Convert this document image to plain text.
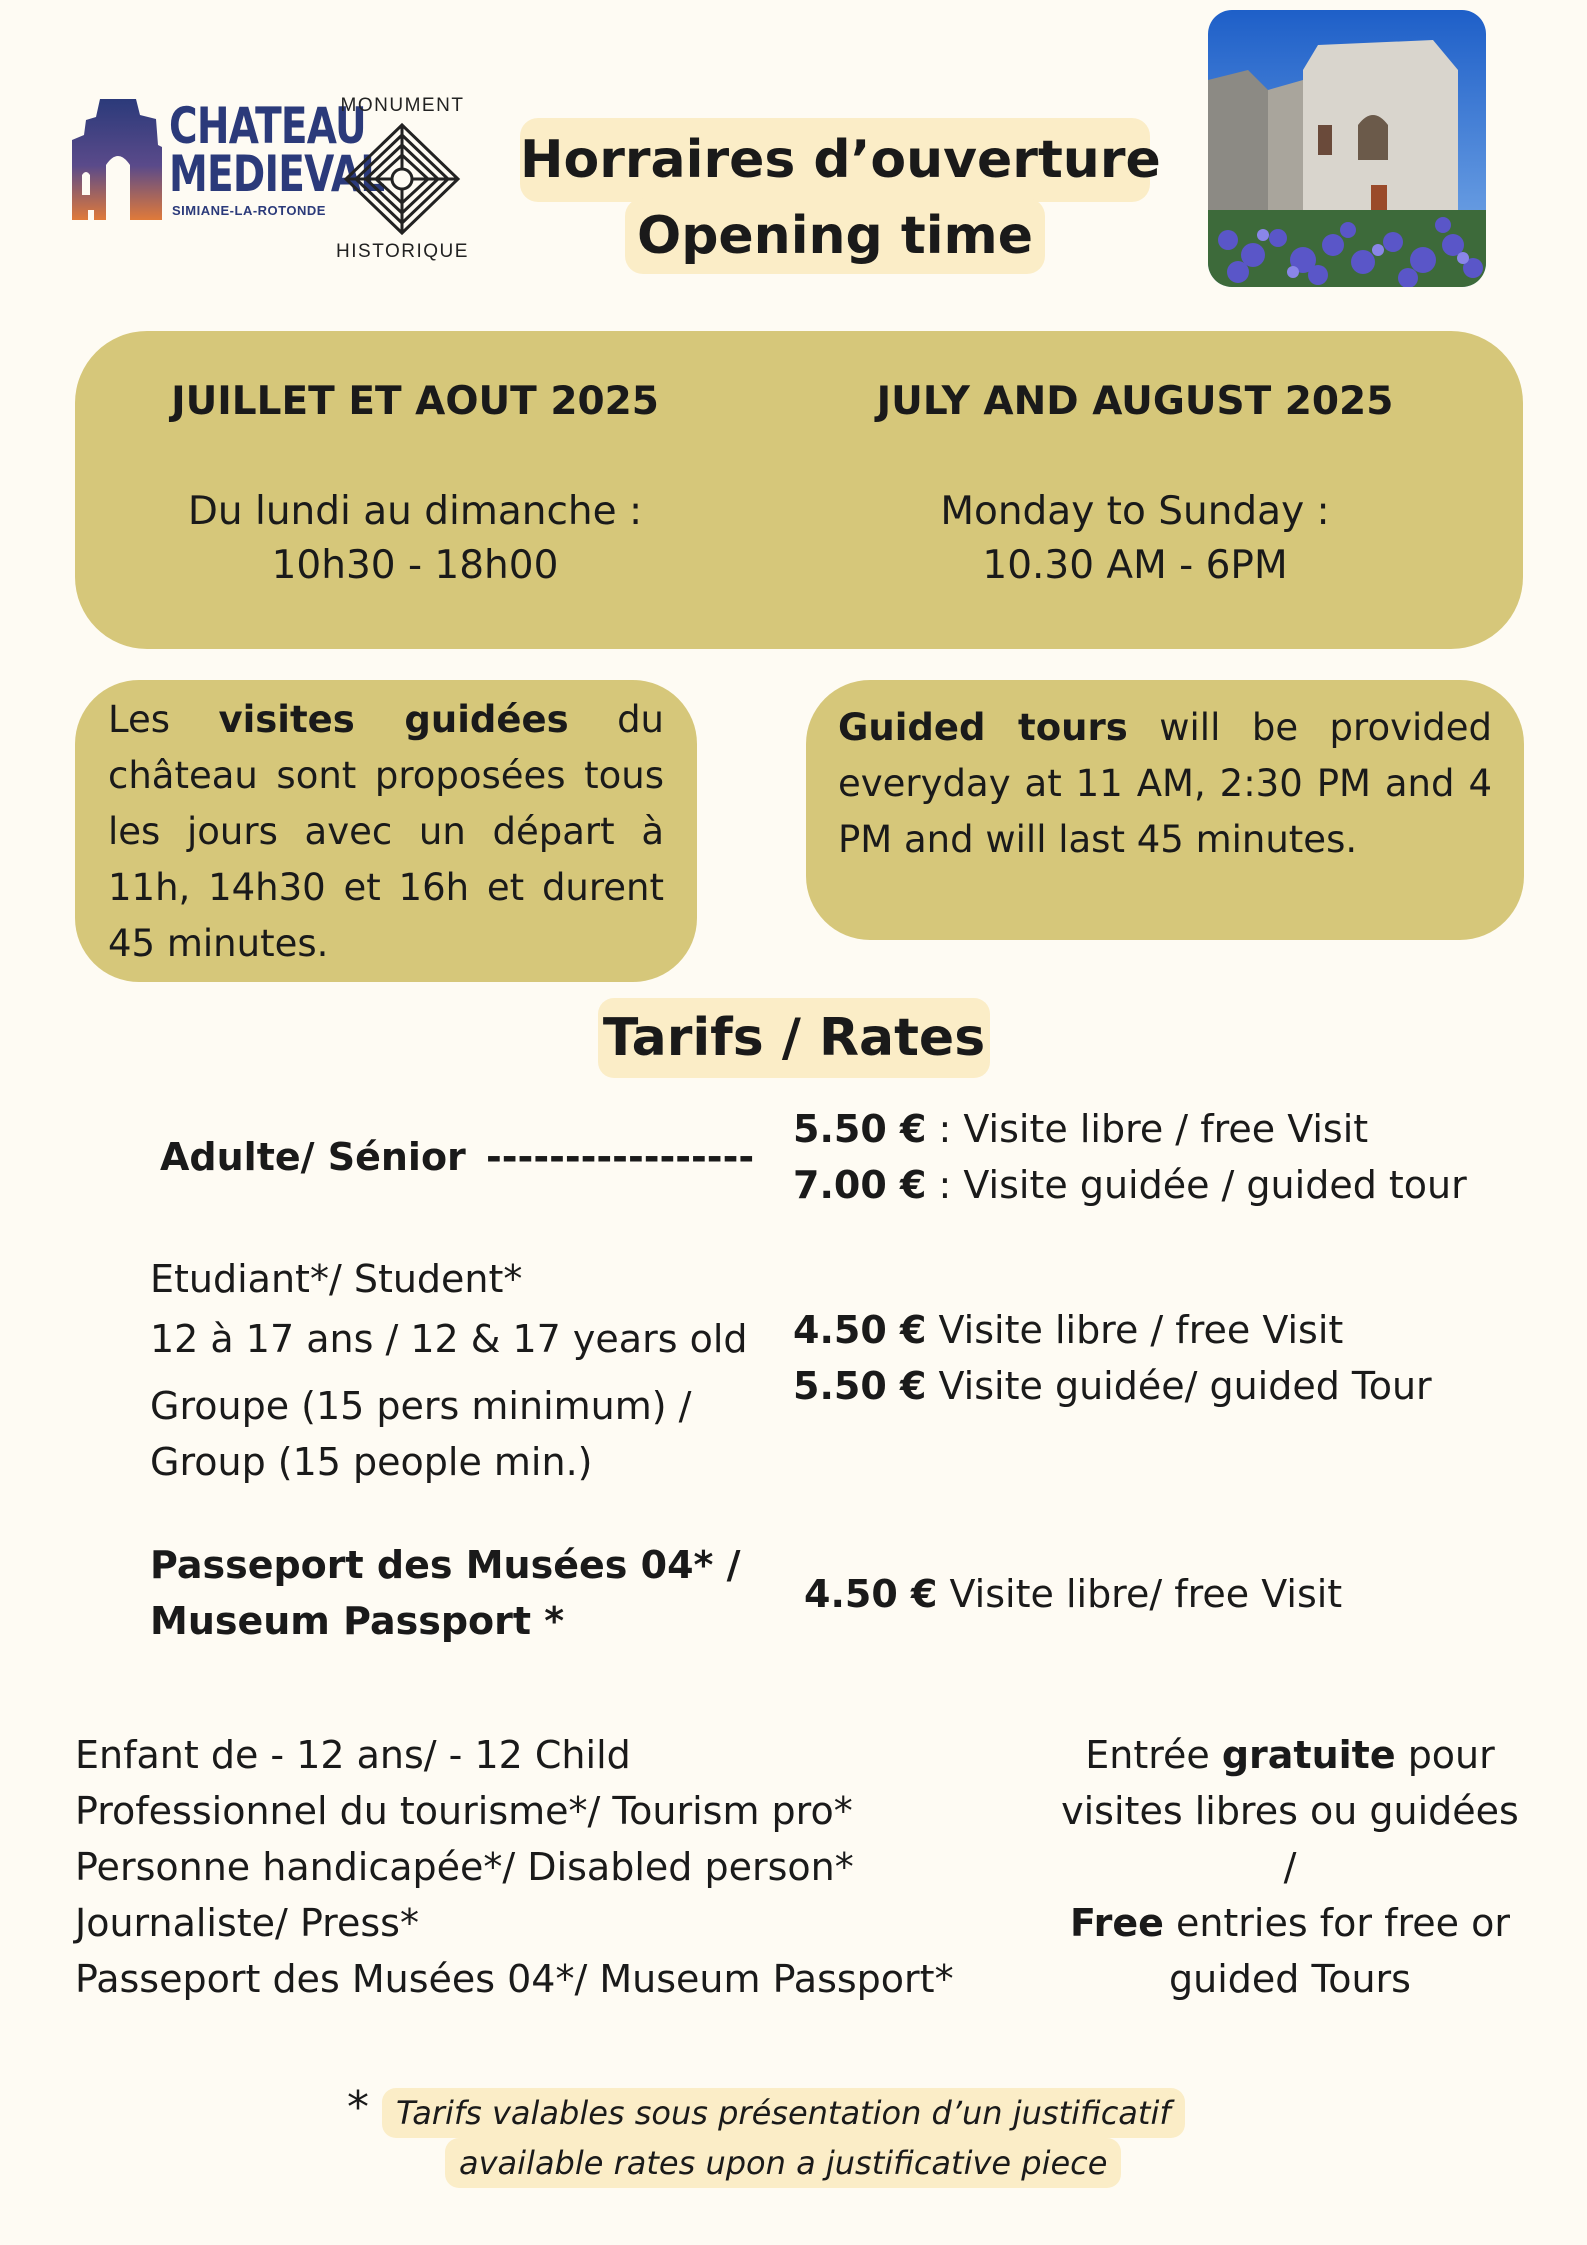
CHATEAU
MEDIEVAL
SIMIANE-LA-ROTONDE
MONUMENT
HISTORIQUE
Horraires d’ouverture
Opening time
JUILLET ET AOUT 2025
Du lundi au dimanche :
10h30 - 18h00
JULY AND AUGUST 2025
Monday to Sunday :
10.30 AM - 6PM
Les visites guidées du château sont proposées tous les jours avec un départ à 11h, 14h30 et 16h et durent 45 minutes.
Guided tours will be provided everyday at 11 AM, 2:30 PM and 4 PM and will last 45 minutes.
Tarifs / Rates
Adulte/ Sénior -----------------
5.50 € : Visite libre / free Visit
7.00 € : Visite guidée / guided tour
Etudiant*/ Student*
12 à 17 ans / 12 & 17 years old
Groupe (15 pers minimum) /
Group (15 people min.)
4.50 € Visite libre / free Visit
5.50 € Visite guidée/ guided Tour
Passeport des Musées 04* /
Museum Passport *
4.50 € Visite libre/ free Visit
Enfant de - 12 ans/ - 12 Child
Professionnel du tourisme*/ Tourism pro*
Personne handicapée*/ Disabled person*
Journaliste/ Press*
Passeport des Musées 04*/ Museum Passport*
Entrée gratuite pour
visites libres ou guidées
/
Free entries for free or
guided Tours
* Tarifs valables sous présentation d’un justificatif
available rates upon a justificative piece
